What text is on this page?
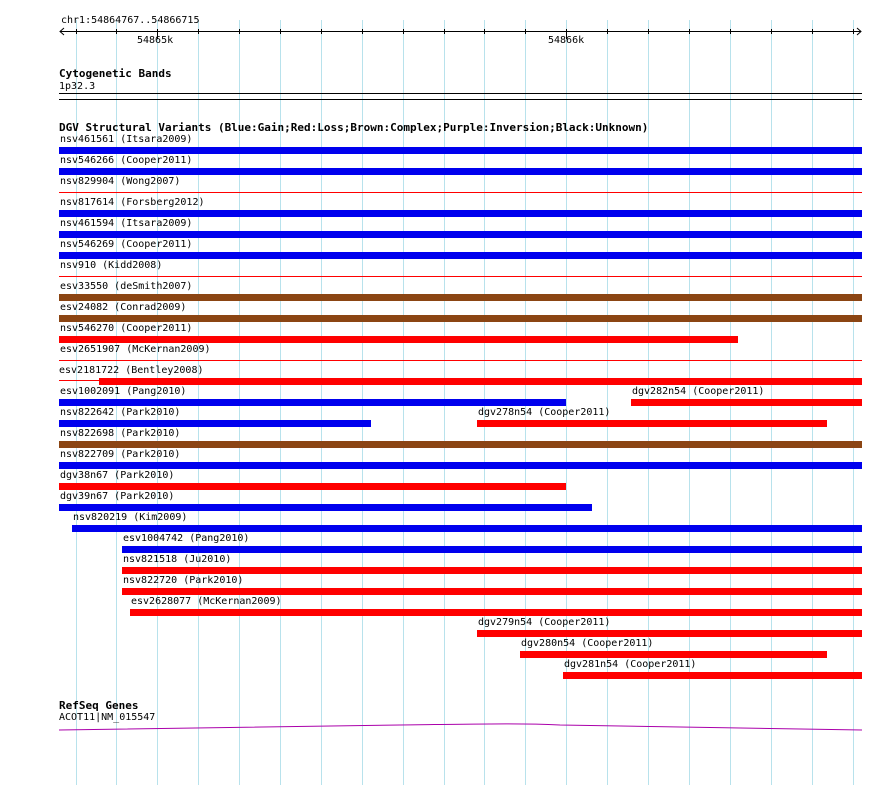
chr1:54864767..54866715
54865k	54866k
Cytogenetic Bands
1p32.3
DGV Structural Variants (Blue:Gain;Red:Loss;Brown:Complex;Purple:Inversion;Black:Unknown)
nsv461561 (Itsara2009)
nsv546266 (Cooper2011)
nsv829904 (Wong2007)
nsv817614 (Forsberg2012)
nsv461594 (Itsara2009)
nsv546269 (Cooper2011)
nsv910 (Kidd2008)
esv33550 (deSmith2007)
esv24082 (Conrad2009)
nsv546270 (Cooper2011)
esv2651907 (McKernan2009)
esv2181722 (Bentley2008)
esv1002091 (Pang2010)	dgv282n54 (Cooper2011)
nsv822642 (Park2010)	dgv278n54 (Cooper2011)
nsv822698 (Park2010)
nsv822709 (Park2010)
dgv38n67 (Park2010)
dgv39n67 (Park2010)
nsv820219 (Kim2009)
esv1004742 (Pang2010)
nsv821518 (Ju2010)
nsv822720 (Park2010)
esv2628077 (McKernan2009)
dgv279n54 (Cooper2011)
dgv280n54 (Cooper2011)
dgv281n54 (Cooper2011)
RefSeq Genes
ACOT11|NM_015547
